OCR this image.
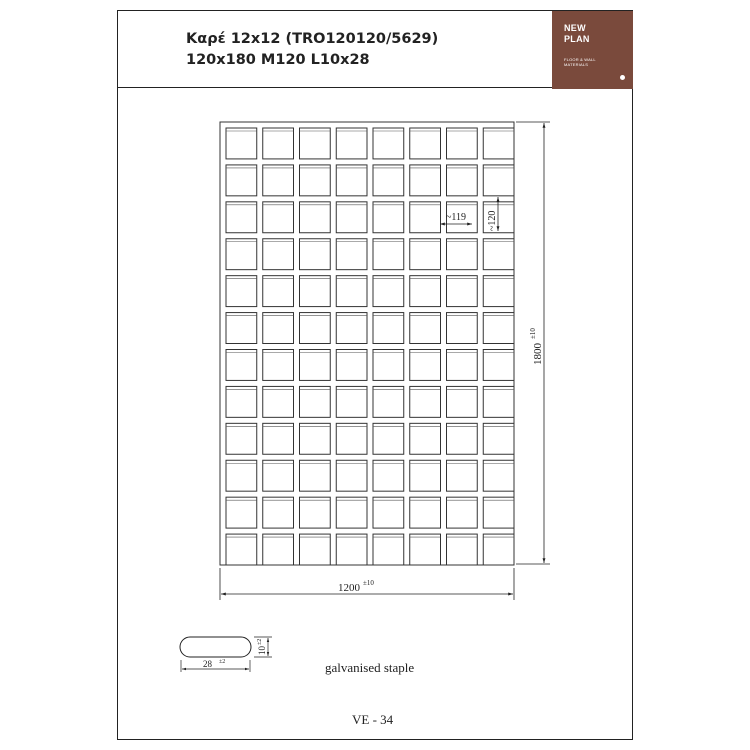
Καρέ 12x12 (TRO120120/5629)
120x180 M120 L10x28
NEW
PLAN
FLOOR & WALL
MATERIALS
1200 ±10
1800
±10
~119 ~120
28 ±2
10
±2
galvanised staple
VE - 34
